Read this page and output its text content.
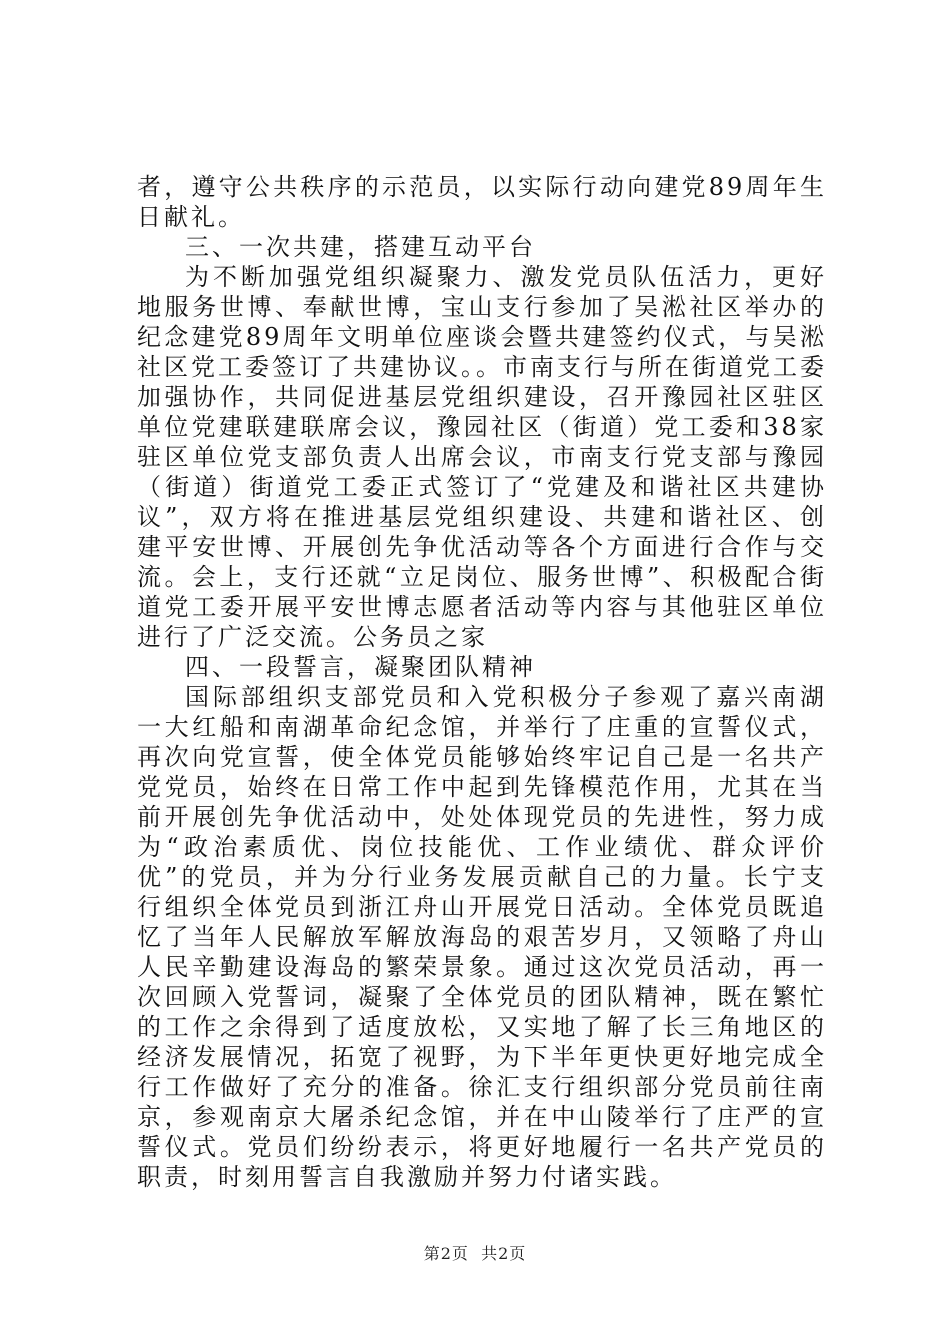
者，遵守公共秩序的示范员，以实际行动向建党89周年生日献礼。

三、一次共建，搭建互动平台

为不断加强党组织凝聚力、激发党员队伍活力，更好地服务世博、奉献世博，宝山支行参加了吴淞社区举办的纪念建党89周年文明单位座谈会暨共建签约仪式，与吴淞社区党工委签订了共建协议。。市南支行与所在街道党工委加强协作，共同促进基层党组织建设，召开豫园社区驻区单位党建联建联席会议，豫园社区（街道）党工委和38家驻区单位党支部负责人出席会议，市南支行党支部与豫园（街道）街道党工委正式签订了“党建及和谐社区共建协议”，双方将在推进基层党组织建设、共建和谐社区、创建平安世博、开展创先争优活动等各个方面进行合作与交流。会上，支行还就“立足岗位、服务世博”、积极配合街道党工委开展平安世博志愿者活动等内容与其他驻区单位进行了广泛交流。公务员之家

四、一段誓言，凝聚团队精神

国际部组织支部党员和入党积极分子参观了嘉兴南湖一大红船和南湖革命纪念馆，并举行了庄重的宣誓仪式，再次向党宣誓，使全体党员能够始终牢记自己是一名共产党党员，始终在日常工作中起到先锋模范作用，尤其在当前开展创先争优活动中，处处体现党员的先进性，努力成为“政治素质优、岗位技能优、工作业绩优、群众评价优”的党员，并为分行业务发展贡献自己的力量。长宁支行组织全体党员到浙江舟山开展党日活动。全体党员既追忆了当年人民解放军解放海岛的艰苦岁月，又领略了舟山人民辛勤建设海岛的繁荣景象。通过这次党员活动，再一次回顾入党誓词，凝聚了全体党员的团队精神，既在繁忙的工作之余得到了适度放松，又实地了解了长三角地区的经济发展情况，拓宽了视野，为下半年更快更好地完成全行工作做好了充分的准备。徐汇支行组织部分党员前往南京，参观南京大屠杀纪念馆，并在中山陵举行了庄严的宣誓仪式。党员们纷纷表示，将更好地履行一名共产党员的职责，时刻用誓言自我激励并努力付诸实践。

第2页  共2页
